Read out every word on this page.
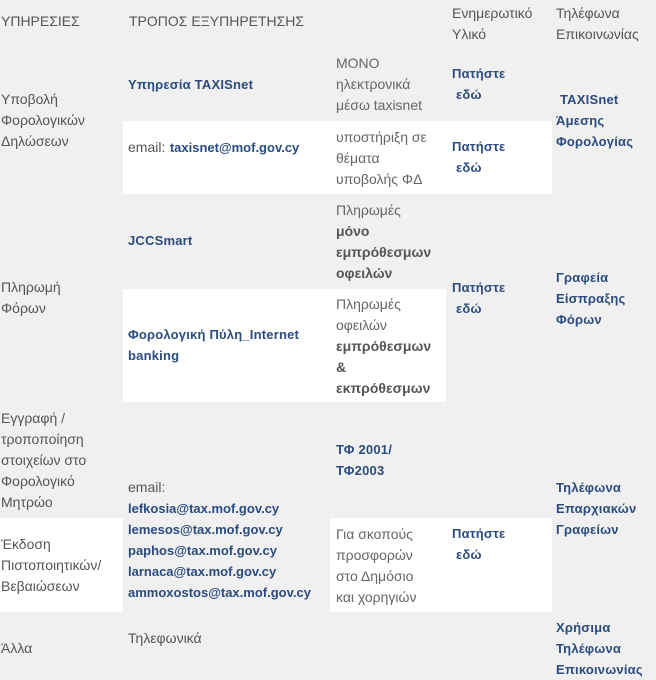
ΥΠΗΡΕΣΙΕΣ	ΤΡΟΠΟΣ ΕΞΥΠΗΡΕΤΗΣΗΣ	Ενημερωτικό
Υλικό
Τηλέφωνα
Επικοινωνίας
Υποβολή
Φορολογικών
Δηλώσεων
Πληρωμή
Φόρων
Εγγραφή /
τροποποίηση
στοιχείων στο
Φορολογικό
Μητρώο
Έκδοση
Πιστοποιητικών/
Βεβαιώσεων
Άλλα
Υπηρεσία TAXISnet
email: taxisnet@mof.gov.cy
JCCSmart
Φορολογική Πύλη_Internet
banking
email:
lefkosia@tax.mof.gov.cy
lemesos@tax.mof.gov.cy
paphos@tax.mof.gov.cy
larnaca@tax.mof.gov.cy
ammoxostos@tax.mof.gov.cy
Τηλεφωνικά
ΜΟΝΟ
ηλεκτρονικά
μέσω taxisnet
υποστήριξη σε
θέματα
υποβολής ΦΔ
Πληρωμές
μόνο
εμπρόθεσμων
οφειλών
Πληρωμές
οφειλών
εμπρόθεσμων
&
εκπρόθεσμων
ΤΦ 2001/
ΤΦ2003
Για σκοπούς
προσφορών
στο Δημόσιο
και χορηγιών
Πατήστε
εδώ
Πατήστε
εδώ
Πατήστε
εδώ
Πατήστε
εδώ
TAXISnet
Άμεσης
Φορολογίας
Γραφεία
Είσπραξης
Φόρων
Τηλέφωνα
Επαρχιακών
Γραφείων
Χρήσιμα
Τηλέφωνα
Επικοινωνίας
